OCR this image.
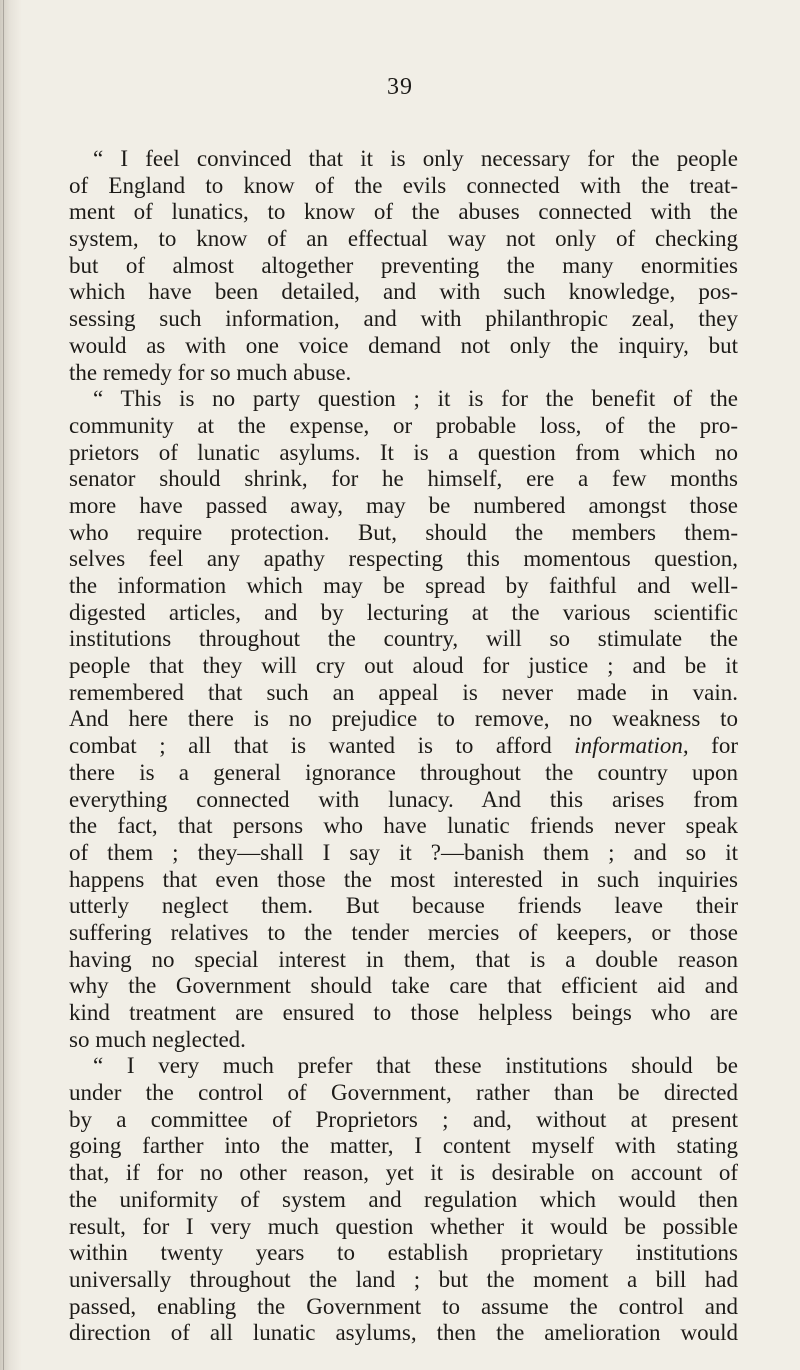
39
“ I feel convinced that it is only necessary for the people
of England to know of the evils connected with the treat-
ment of lunatics, to know of the abuses connected with the
system, to know of an effectual way not only of checking
but of almost altogether preventing the many enormities
which have been detailed, and with such knowledge, pos-
sessing such information, and with philanthropic zeal, they
would as with one voice demand not only the inquiry, but
the remedy for so much abuse.
“ This is no party question ; it is for the benefit of the
community at the expense, or probable loss, of the pro-
prietors of lunatic asylums. It is a question from which no
senator should shrink, for he himself, ere a few months
more have passed away, may be numbered amongst those
who require protection. But, should the members them-
selves feel any apathy respecting this momentous question,
the information which may be spread by faithful and well-
digested articles, and by lecturing at the various scientific
institutions throughout the country, will so stimulate the
people that they will cry out aloud for justice ; and be it
remembered that such an appeal is never made in vain.
And here there is no prejudice to remove, no weakness to
combat ; all that is wanted is to afford information, for
there is a general ignorance throughout the country upon
everything connected with lunacy. And this arises from
the fact, that persons who have lunatic friends never speak
of them ; they—shall I say it ?—banish them ; and so it
happens that even those the most interested in such inquiries
utterly neglect them. But because friends leave their
suffering relatives to the tender mercies of keepers, or those
having no special interest in them, that is a double reason
why the Government should take care that efficient aid and
kind treatment are ensured to those helpless beings who are
so much neglected.
“ I very much prefer that these institutions should be
under the control of Government, rather than be directed
by a committee of Proprietors ; and, without at present
going farther into the matter, I content myself with stating
that, if for no other reason, yet it is desirable on account of
the uniformity of system and regulation which would then
result, for I very much question whether it would be possible
within twenty years to establish proprietary institutions
universally throughout the land ; but the moment a bill had
passed, enabling the Government to assume the control and
direction of all lunatic asylums, then the amelioration would
